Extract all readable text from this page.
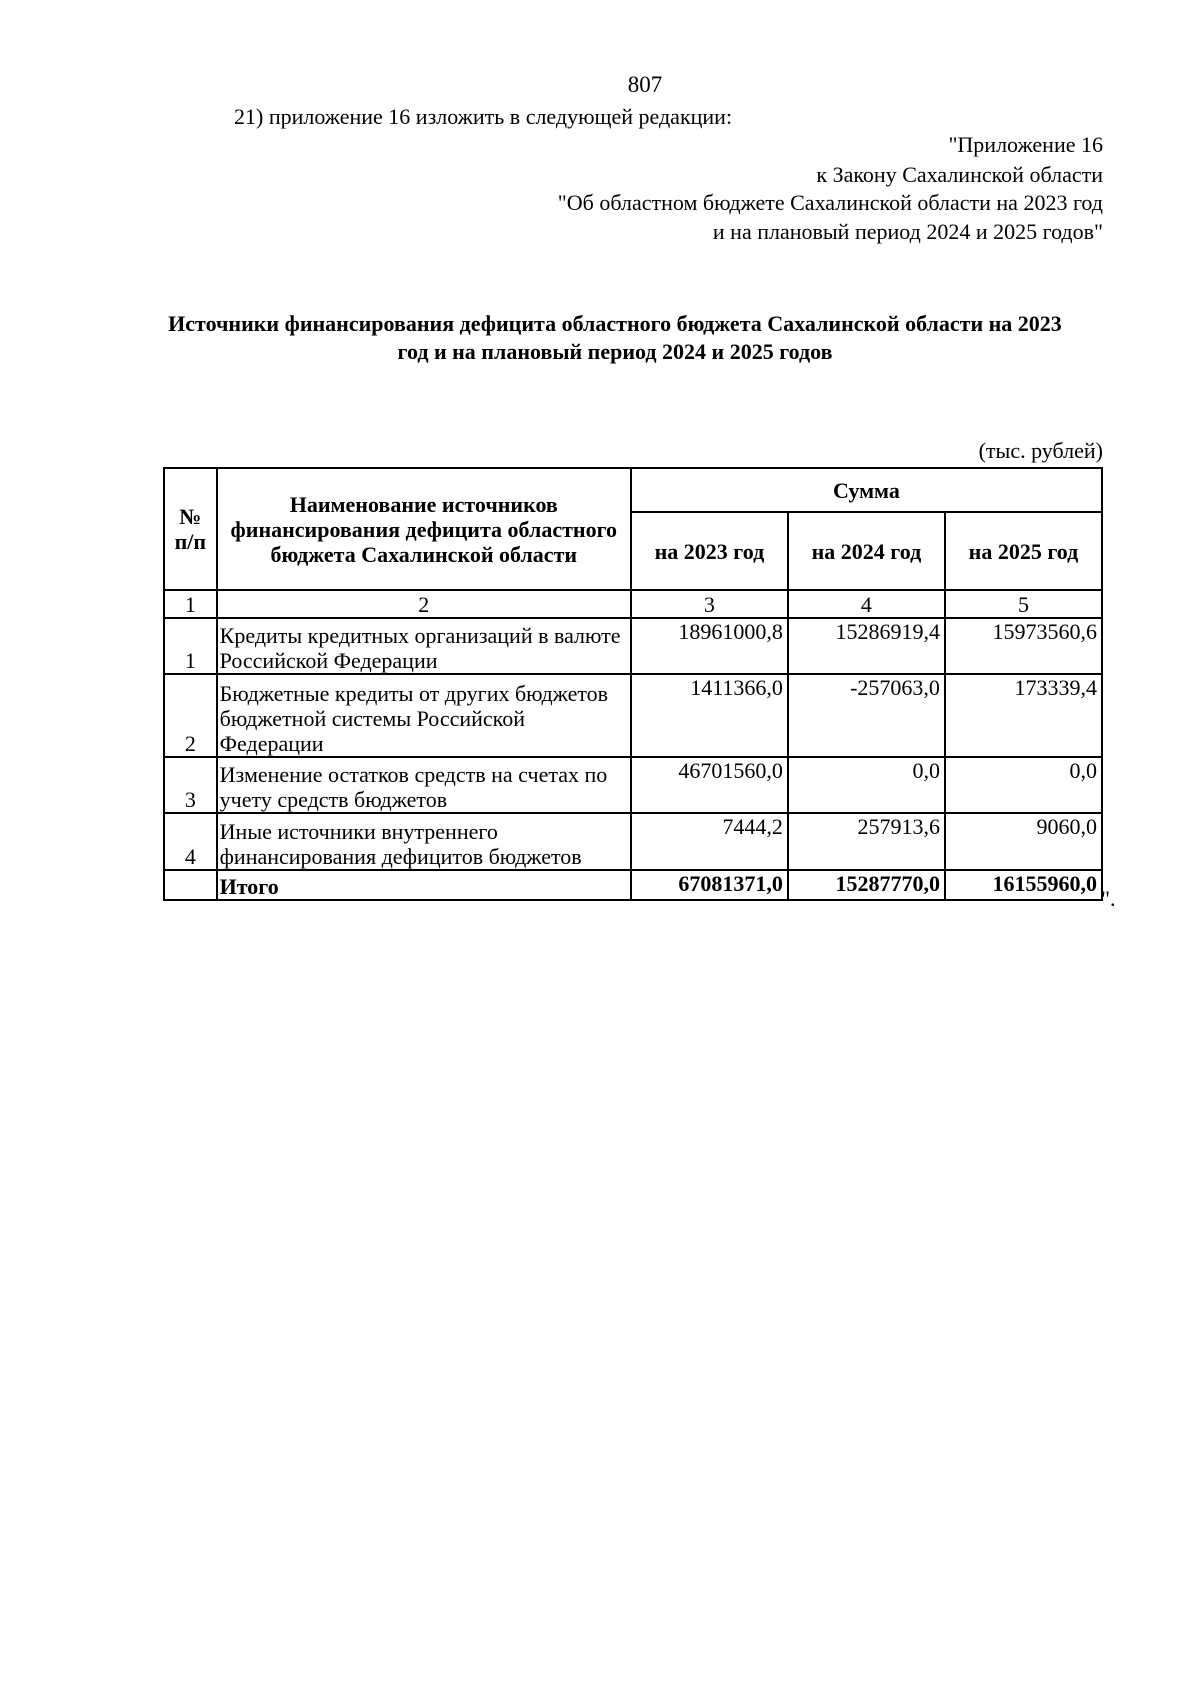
807
21) приложение 16 изложить в следующей редакции:
"Приложение 16
к Закону Сахалинской области
"Об областном бюджете Сахалинской области на 2023 год
и на плановый период 2024 и 2025 годов"
Источники финансирования дефицита областного бюджета Сахалинской области на 2023 год и на плановый период 2024 и 2025 годов
(тыс. рублей)
№ п/п	Наименование источников финансирования дефицита областного бюджета Сахалинской области	Сумма		
		на 2023 год	на 2024 год	на 2025 год
1	2	3	4	5
1	Кредиты кредитных организаций в валюте Российской Федерации	18961000,8	15286919,4	15973560,6
2	Бюджетные кредиты от других бюджетов бюджетной системы Российской Федерации	1411366,0	-257063,0	173339,4
3	Изменение остатков средств на счетах по учету средств бюджетов	46701560,0	0,0	0,0
4	Иные источники внутреннего финансирования дефицитов бюджетов	7444,2	257913,6	9060,0
	Итого	67081371,0	15287770,0	16155960,0
".
